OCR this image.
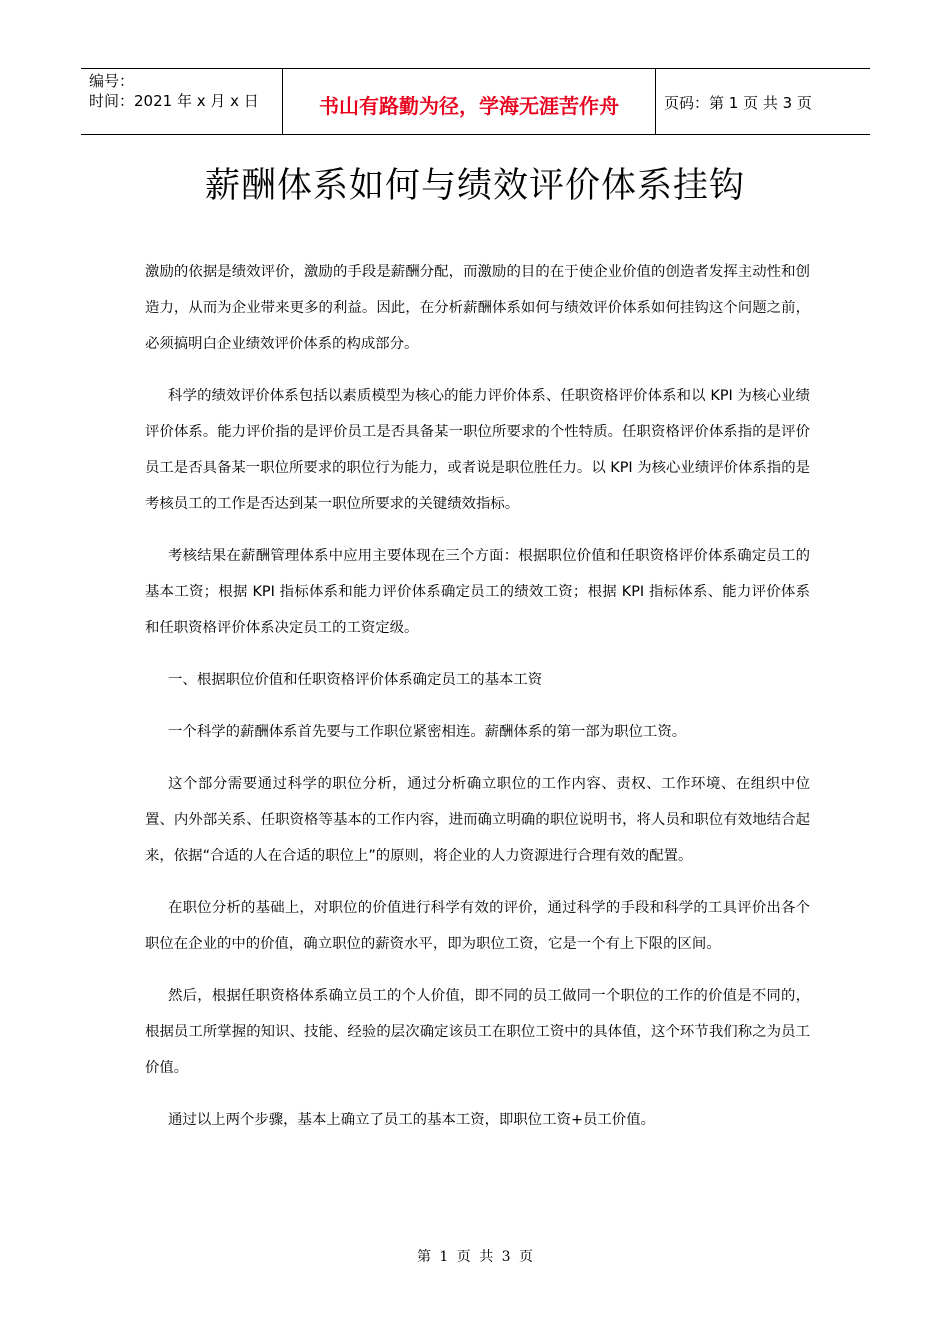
编号：
时间：2021 年 x 月 x 日	书山有路勤为径，学海无涯苦作舟	页码：第 1 页 共 3 页
薪酬体系如何与绩效评价体系挂钩

激励的依据是绩效评价，激励的手段是薪酬分配，而激励的目的在于使企业价值的创造者发挥主动性和创造力，从而为企业带来更多的利益。因此，在分析薪酬体系如何与绩效评价体系如何挂钩这个问题之前，必须搞明白企业绩效评价体系的构成部分。

科学的绩效评价体系包括以素质模型为核心的能力评价体系、任职资格评价体系和以 KPI 为核心业绩评价体系。能力评价指的是评价员工是否具备某一职位所要求的个性特质。任职资格评价体系指的是评价员工是否具备某一职位所要求的职位行为能力，或者说是职位胜任力。以 KPI 为核心业绩评价体系指的是考核员工的工作是否达到某一职位所要求的关键绩效指标。

考核结果在薪酬管理体系中应用主要体现在三个方面：根据职位价值和任职资格评价体系确定员工的基本工资；根据 KPI 指标体系和能力评价体系确定员工的绩效工资；根据 KPI 指标体系、能力评价体系和任职资格评价体系决定员工的工资定级。

一、根据职位价值和任职资格评价体系确定员工的基本工资

一个科学的薪酬体系首先要与工作职位紧密相连。薪酬体系的第一部为职位工资。

这个部分需要通过科学的职位分析，通过分析确立职位的工作内容、责权、工作环境、在组织中位置、内外部关系、任职资格等基本的工作内容，进而确立明确的职位说明书，将人员和职位有效地结合起来，依据“合适的人在合适的职位上”的原则，将企业的人力资源进行合理有效的配置。

在职位分析的基础上，对职位的价值进行科学有效的评价，通过科学的手段和科学的工具评价出各个职位在企业的中的价值，确立职位的薪资水平，即为职位工资，它是一个有上下限的区间。

然后，根据任职资格体系确立员工的个人价值，即不同的员工做同一个职位的工作的价值是不同的，根据员工所掌握的知识、技能、经验的层次确定该员工在职位工资中的具体值，这个环节我们称之为员工价值。

通过以上两个步骤，基本上确立了员工的基本工资，即职位工资+员工价值。

第 1 页 共 3 页
